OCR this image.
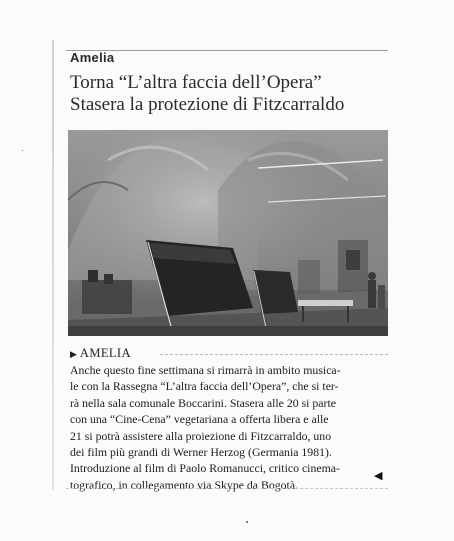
Amelia
Torna “L’altra faccia dell’Opera”
Stasera la protezione di Fitzcarraldo
▶ AMELIA
Anche questo fine settimana si rimarrà in ambito musica-
le con la Rassegna “L’altra faccia dell’Opera”, che si ter-
rà nella sala comunale Boccarini. Stasera alle 20 si parte
con una “Cine-Cena” vegetariana a offerta libera e alle
21 si potrà assistere alla proiezione di Fitzcarraldo, uno
dei film più grandi di Werner Herzog (Germania 1981).
Introduzione al film di Paolo Romanucci, critico cinema-
tografico, in collegamento via Skype da Bogotà.
◀
